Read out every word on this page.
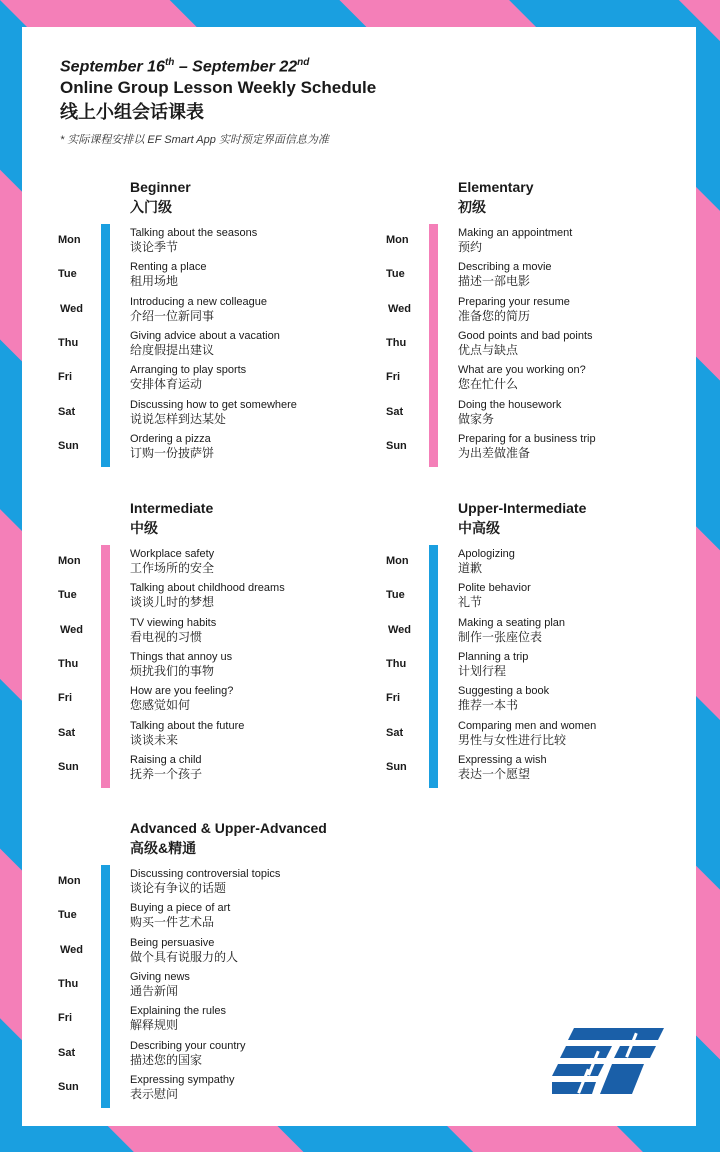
September 16th – September 22nd
Online Group Lesson Weekly Schedule
线上小组会话课表
* 实际课程安排以 EF Smart App 实时预定界面信息为准
Beginner
入门级
Mon
Talking about the seasons
谈论季节
Tue
Renting a place
租用场地
Wed
Introducing a new colleague
介绍一位新同事
Thu
Giving advice about a vacation
给度假提出建议
Fri
Arranging to play sports
安排体育运动
Sat
Discussing how to get somewhere
说说怎样到达某处
Sun
Ordering a pizza
订购一份披萨饼
Elementary
初级
Mon
Making an appointment
预约
Tue
Describing a movie
描述一部电影
Wed
Preparing your resume
准备您的简历
Thu
Good points and bad points
优点与缺点
Fri
What are you working on?
您在忙什么
Sat
Doing the housework
做家务
Sun
Preparing for a business trip
为出差做准备
Intermediate
中级
Mon
Workplace safety
工作场所的安全
Tue
Talking about childhood dreams
谈谈儿时的梦想
Wed
TV viewing habits
看电视的习惯
Thu
Things that annoy us
烦扰我们的事物
Fri
How are you feeling?
您感觉如何
Sat
Talking about the future
谈谈未来
Sun
Raising a child
抚养一个孩子
Upper-Intermediate
中高级
Mon
Apologizing
道歉
Tue
Polite behavior
礼节
Wed
Making a seating plan
制作一张座位表
Thu
Planning a trip
计划行程
Fri
Suggesting a book
推荐一本书
Sat
Comparing men and women
男性与女性进行比较
Sun
Expressing a wish
表达一个愿望
Advanced & Upper-Advanced
高级&精通
Mon
Discussing controversial topics
谈论有争议的话题
Tue
Buying a piece of art
购买一件艺术品
Wed
Being persuasive
做个具有说服力的人
Thu
Giving news
通告新闻
Fri
Explaining the rules
解释规则
Sat
Describing your country
描述您的国家
Sun
Expressing sympathy
表示慰问
